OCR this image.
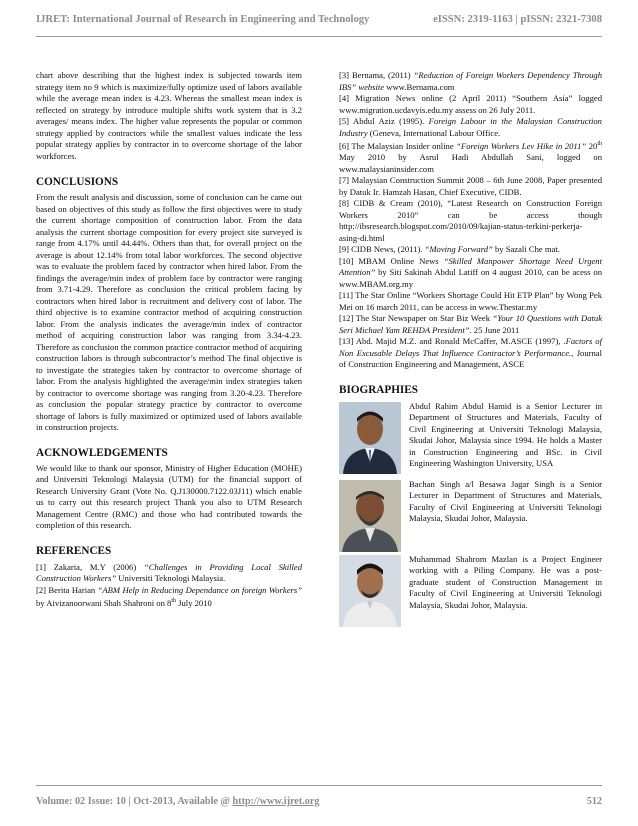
IJRET: International Journal of Research in Engineering and Technology	eISSN: 2319-1163 | pISSN: 2321-7308

chart above describing that the highest index is subjected towards item strategy item no 9 which is maximize/fully optimize used of labors available while the average mean index is 4.23. Whereas the smallest mean index is reflected on strategy by introduce multiple shifts work system that is 3.2 averages/ means index. The higher value represents the popular or common strategy applied by contractors while the smallest values indicate the less popular strategy applies by contractor in to overcome shortage of the labor workforces.

CONCLUSIONS

From the result analysis and discussion, some of conclusion can be came out based on objectives of this study as follow the first objectives were to study the current shortage composition of construction labor. From the data analysis the current shortage composition for every project site surveyed is range from 4.17% until 44.44%. Others than that, for overall project on the average is about 12.14% from total labor workforces. The second objective was to evaluate the problem faced by contractor when hired labor. From the findings the average/min index of problem face by contractor were ranging from 3.71-4.29. Therefore as conclusion the critical problem facing by contractors when hired labor is recruitment and delivery cost of labor. The third objective is to examine contractor method of acquiring construction labor. From the analysis indicates the average/min index of contractor method of acquiring construction labor was ranging from 3.34-4.23. Therefore as conclusion the common practice contractor method of acquiring construction labors is through subcontractor’s method The final objective is to investigate the strategies taken by contractor to overcome shortage of labor. From the analysis highlighted the average/min index strategies taken by contractor to overcome shortage was ranging from 3.20-4.23. Therefore as conclusion the popular strategy practice by contractor to overcome shortage of labors is fully maximized or optimized used of labors available in construction projects.

ACKNOWLEDGEMENTS

We would like to thank our sponsor, Ministry of Higher Education (MOHE) and Universiti Teknologi Malaysia (UTM) for the financial support of Research University Grant (Vote No. Q.J130000.7122.03J11) which enable us to carry out this research project Thank you also to UTM Research Management Centre (RMC) and those who had contributed towards the completion of this research.

REFERENCES

[1] Zakaria, M.Y (2006) “Challenges in Providing Local Skilled Construction Workers” Universiti Teknologi Malaysia.

[2] Berita Harian “ABM Help in Reducing Dependance on foreign Workers” by Aivizanoorwani Shah Shahroni on 8th July 2010

[3] Bernama, (2011) “Reduction of Foreign Workers Dependency Through IBS” website www.Bernama.com

[4] Migration News online (2 April 2011) “Southern Asia” logged www.migration.ucdavyis.edu.my assess on 26 July 2011.

[5] Abdul Aziz (1995). Foreign Labour in the Malaysian Construction Industry (Geneva, International Labour Office.

[6] The Malaysian Insider online “Foreign Workers Lev Hike in 2011” 20th May 2010 by Asrul Hadi Abdullah Sani, logged on www.malaysianinsider.com

[7] Malaysian Construction Summit 2008 – 6th June 2008, Paper presented by Datuk Ir. Hamzah Hasan, Chief Executive, CIDB.

[8] CIDB & Cream (2010), “Latest Research on Construction Foreign Workers 2010” can be access though http://ibsresearch.blogspot.com/2010/09/kajian-status-terkini-perkerja-asing-di.html

[9] CIDB News, (2011). “Moving Forward” by Sazali Che mat.

[10] MBAM Online News “Skilled Manpower Shortage Need Urgent Attention” by Siti Sakinah Abdul Latiff on 4 august 2010, can be acess on www.MBAM.org.my

[11] The Star Online “Workers Shortage Could Hit ETP Plan” by Wong Pek Mei on 16 march 2011, can be access in www.Thestar.my

[12] The Star Newspaper on Star Biz Week “Your 10 Questions with Datuk Seri Michael Yam REHDA President”. 25 June 2011

[13] Abd. Majid M.Z. and Ronald McCaffer, M.ASCE (1997), .Factors of Non Excusable Delays That Influence Contractor’s Performance., Journal of Construction Engineering and Management, ASCE

BIOGRAPHIES

Abdul Rahim Abdul Hamid is a Senior Lecturer in Department of Structures and Materials, Faculty of Civil Engineering at Universiti Teknologi Malaysia, Skudai Johor, Malaysia since 1994. He holds a Master in Construction Engineering and BSc. in Civil Engineering Washington University, USA

Bachan Singh a/l Besawa Jagar Singh is a Senior Lecturer in Department of Structures and Materials, Faculty of Civil Engineering at Universiti Teknologi Malaysia, Skudai Johor, Malaysia.

Muhammad Shahrom Mazlan is a Project Engineer working with a Piling Company. He was a post-graduate student of Construction Management in Faculty of Civil Engineering at Universiti Teknologi Malaysia, Skudai Johor, Malaysia.

Volume: 02 Issue: 10 | Oct-2013, Available @ http://www.ijret.org	512
